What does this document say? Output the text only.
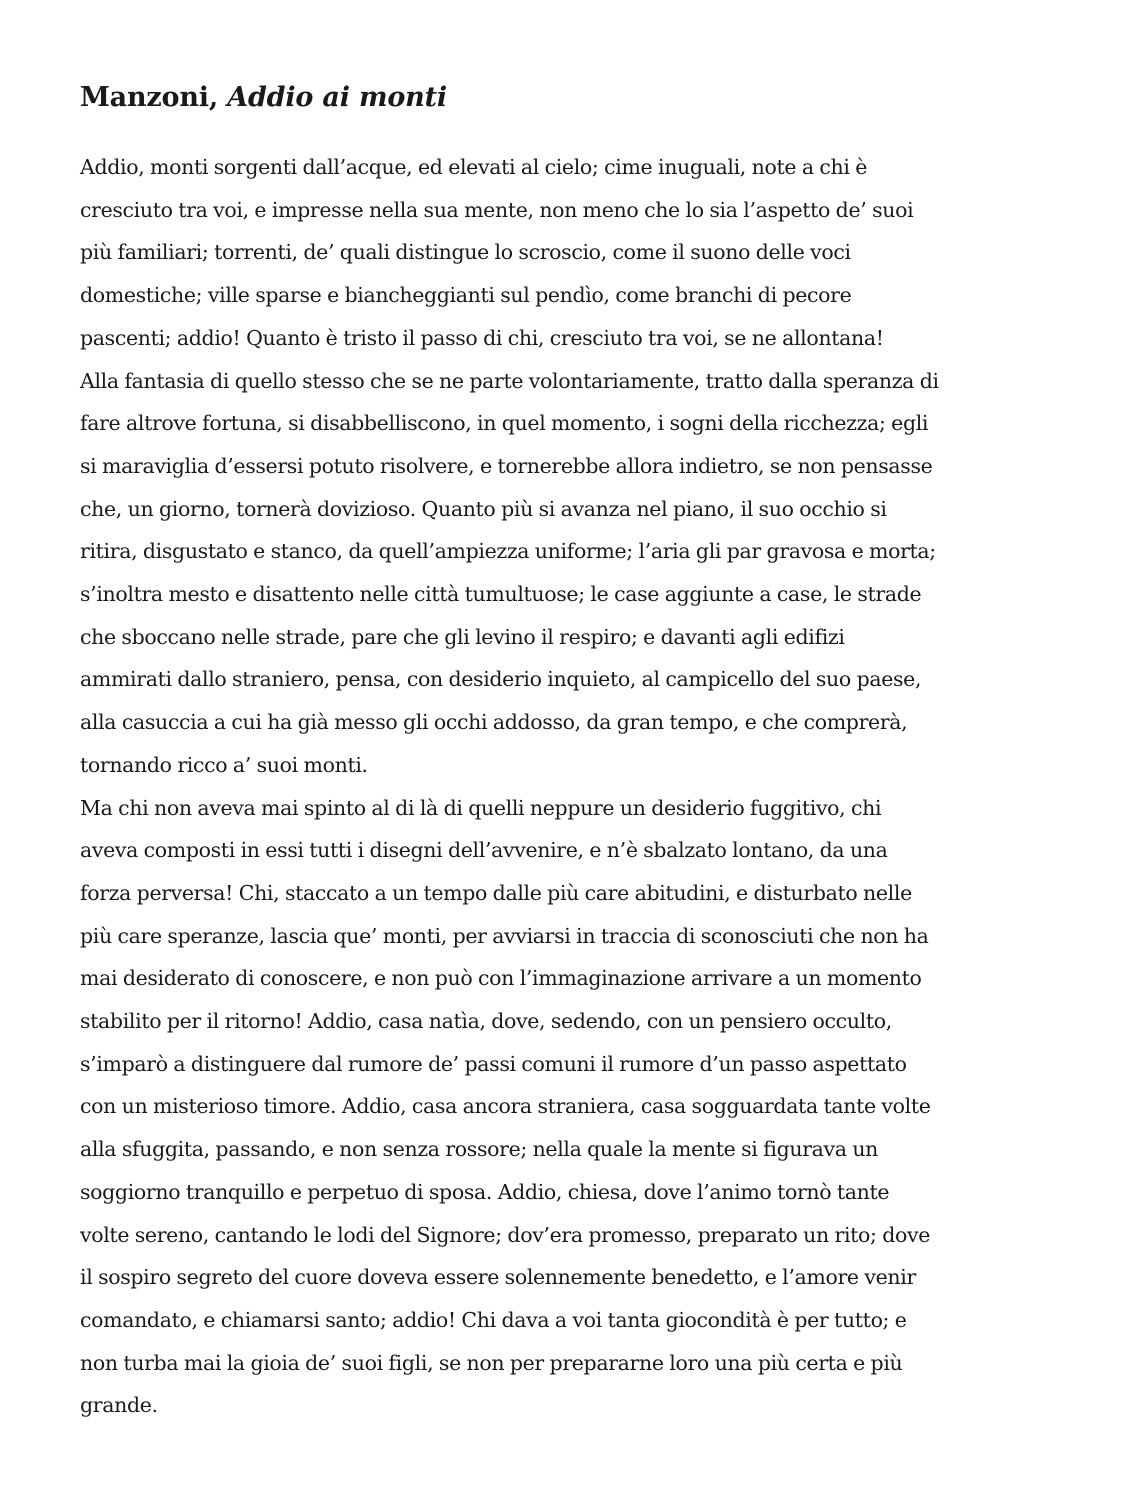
Manzoni, Addio ai monti
Addio, monti sorgenti dall’acque, ed elevati al cielo; cime inuguali, note a chi è
cresciuto tra voi, e impresse nella sua mente, non meno che lo sia l’aspetto de’ suoi
più familiari; torrenti, de’ quali distingue lo scroscio, come il suono delle voci
domestiche; ville sparse e biancheggianti sul pendìo, come branchi di pecore
pascenti; addio! Quanto è tristo il passo di chi, cresciuto tra voi, se ne allontana!
Alla fantasia di quello stesso che se ne parte volontariamente, tratto dalla speranza di
fare altrove fortuna, si disabbelliscono, in quel momento, i sogni della ricchezza; egli
si maraviglia d’essersi potuto risolvere, e tornerebbe allora indietro, se non pensasse
che, un giorno, tornerà dovizioso. Quanto più si avanza nel piano, il suo occhio si
ritira, disgustato e stanco, da quell’ampiezza uniforme; l’aria gli par gravosa e morta;
s’inoltra mesto e disattento nelle città tumultuose; le case aggiunte a case, le strade
che sboccano nelle strade, pare che gli levino il respiro; e davanti agli edifizi
ammirati dallo straniero, pensa, con desiderio inquieto, al campicello del suo paese,
alla casuccia a cui ha già messo gli occhi addosso, da gran tempo, e che comprerà,
tornando ricco a’ suoi monti.
Ma chi non aveva mai spinto al di là di quelli neppure un desiderio fuggitivo, chi
aveva composti in essi tutti i disegni dell’avvenire, e n’è sbalzato lontano, da una
forza perversa! Chi, staccato a un tempo dalle più care abitudini, e disturbato nelle
più care speranze, lascia que’ monti, per avviarsi in traccia di sconosciuti che non ha
mai desiderato di conoscere, e non può con l’immaginazione arrivare a un momento
stabilito per il ritorno! Addio, casa natìa, dove, sedendo, con un pensiero occulto,
s’imparò a distinguere dal rumore de’ passi comuni il rumore d’un passo aspettato
con un misterioso timore. Addio, casa ancora straniera, casa sogguardata tante volte
alla sfuggita, passando, e non senza rossore; nella quale la mente si figurava un
soggiorno tranquillo e perpetuo di sposa. Addio, chiesa, dove l’animo tornò tante
volte sereno, cantando le lodi del Signore; dov’era promesso, preparato un rito; dove
il sospiro segreto del cuore doveva essere solennemente benedetto, e l’amore venir
comandato, e chiamarsi santo; addio! Chi dava a voi tanta giocondità è per tutto; e
non turba mai la gioia de’ suoi figli, se non per prepararne loro una più certa e più
grande.
